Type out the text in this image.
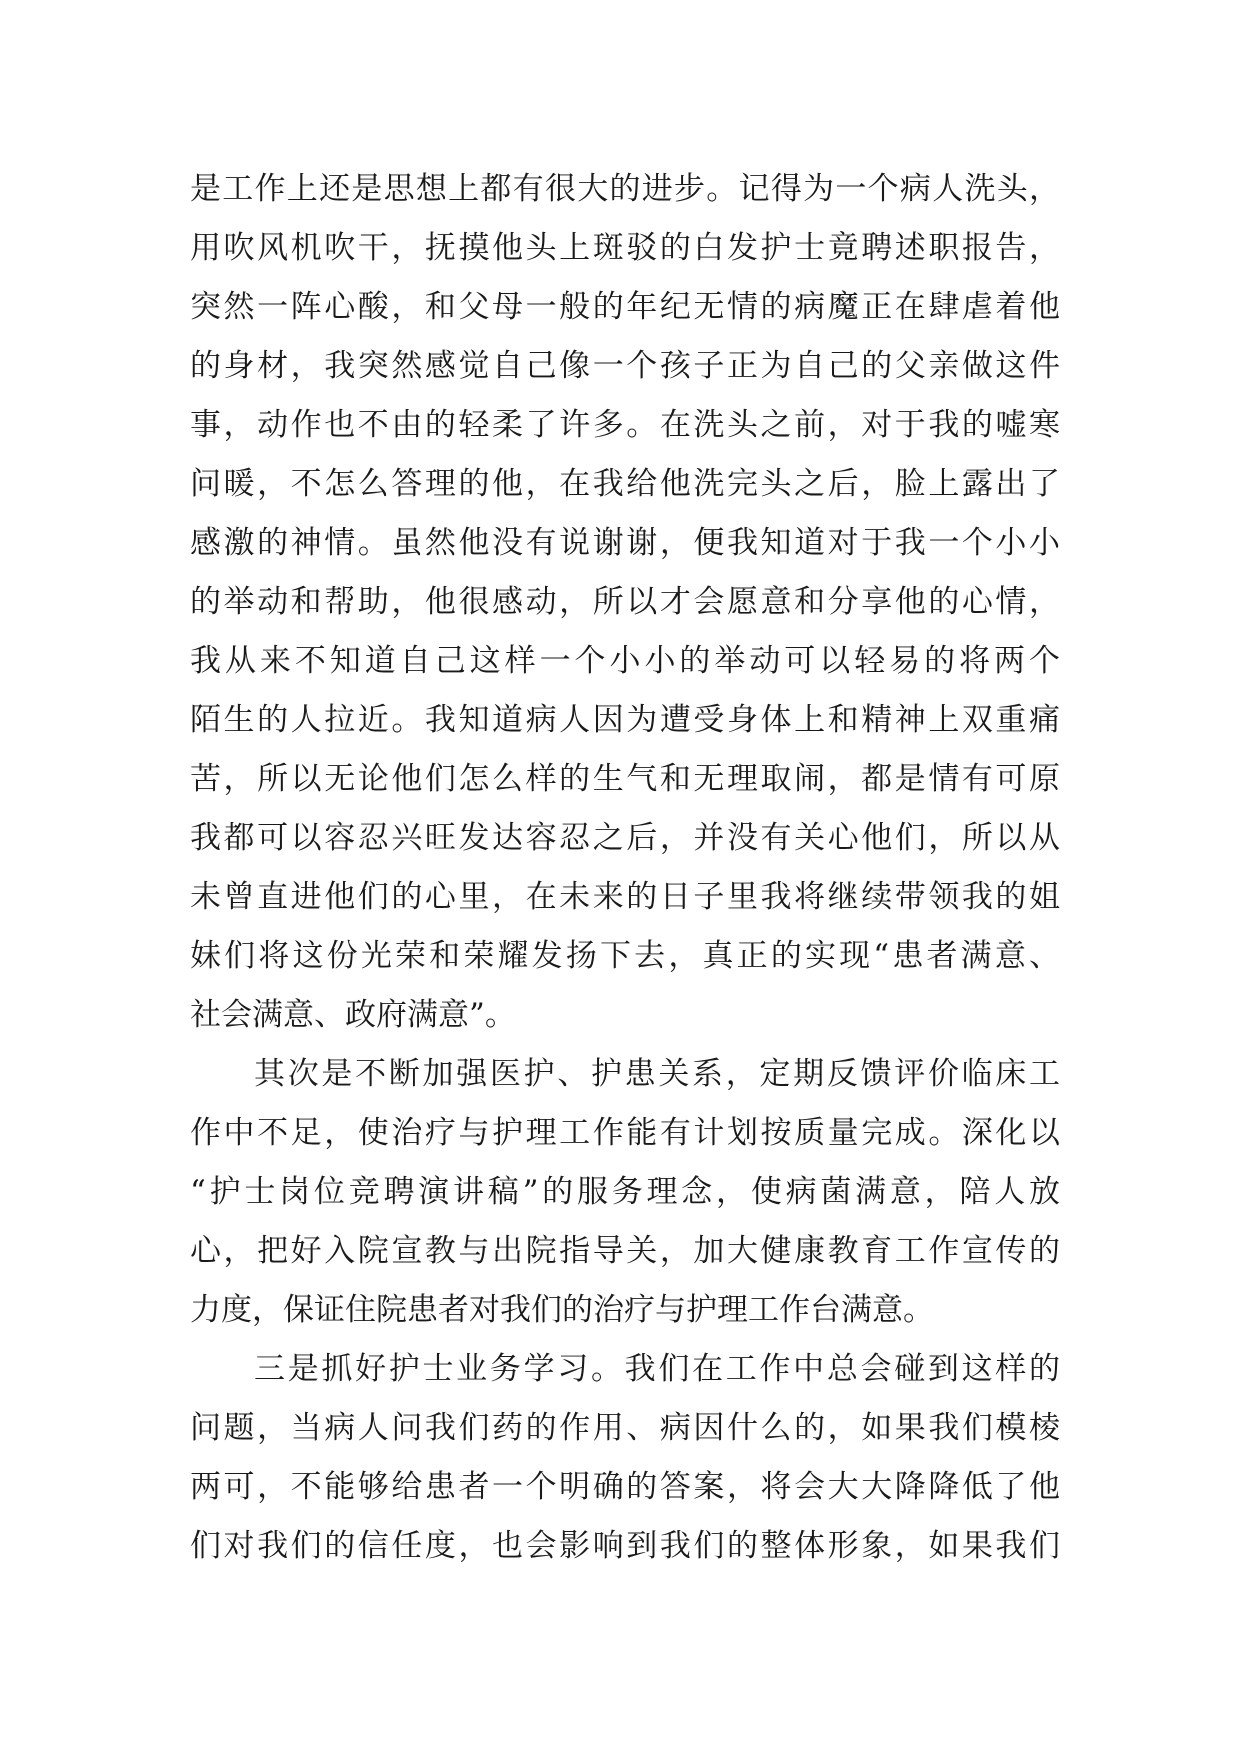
是工作上还是思想上都有很大的进步。记得为一个病人洗头，
用吹风机吹干，抚摸他头上斑驳的白发护士竟聘述职报告，
突然一阵心酸，和父母一般的年纪无情的病魔正在肆虐着他
的身材，我突然感觉自己像一个孩子正为自己的父亲做这件
事，动作也不由的轻柔了许多。在洗头之前，对于我的嘘寒
问暖，不怎么答理的他，在我给他洗完头之后，脸上露出了
感激的神情。虽然他没有说谢谢，便我知道对于我一个小小
的举动和帮助，他很感动，所以才会愿意和分享他的心情，
我从来不知道自己这样一个小小的举动可以轻易的将两个
陌生的人拉近。我知道病人因为遭受身体上和精神上双重痛
苦，所以无论他们怎么样的生气和无理取闹，都是情有可原
我都可以容忍兴旺发达容忍之后，并没有关心他们，所以从
未曾直进他们的心里，在未来的日子里我将继续带领我的姐
妹们将这份光荣和荣耀发扬下去，真正的实现“患者满意、
社会满意、政府满意”。
其次是不断加强医护、护患关系，定期反馈评价临床工
作中不足，使治疗与护理工作能有计划按质量完成。深化以
“护士岗位竞聘演讲稿”的服务理念，使病菌满意，陪人放
心，把好入院宣教与出院指导关，加大健康教育工作宣传的
力度，保证住院患者对我们的治疗与护理工作台满意。
三是抓好护士业务学习。我们在工作中总会碰到这样的
问题，当病人问我们药的作用、病因什么的，如果我们模棱
两可，不能够给患者一个明确的答案，将会大大降降低了他
们对我们的信任度，也会影响到我们的整体形象，如果我们
